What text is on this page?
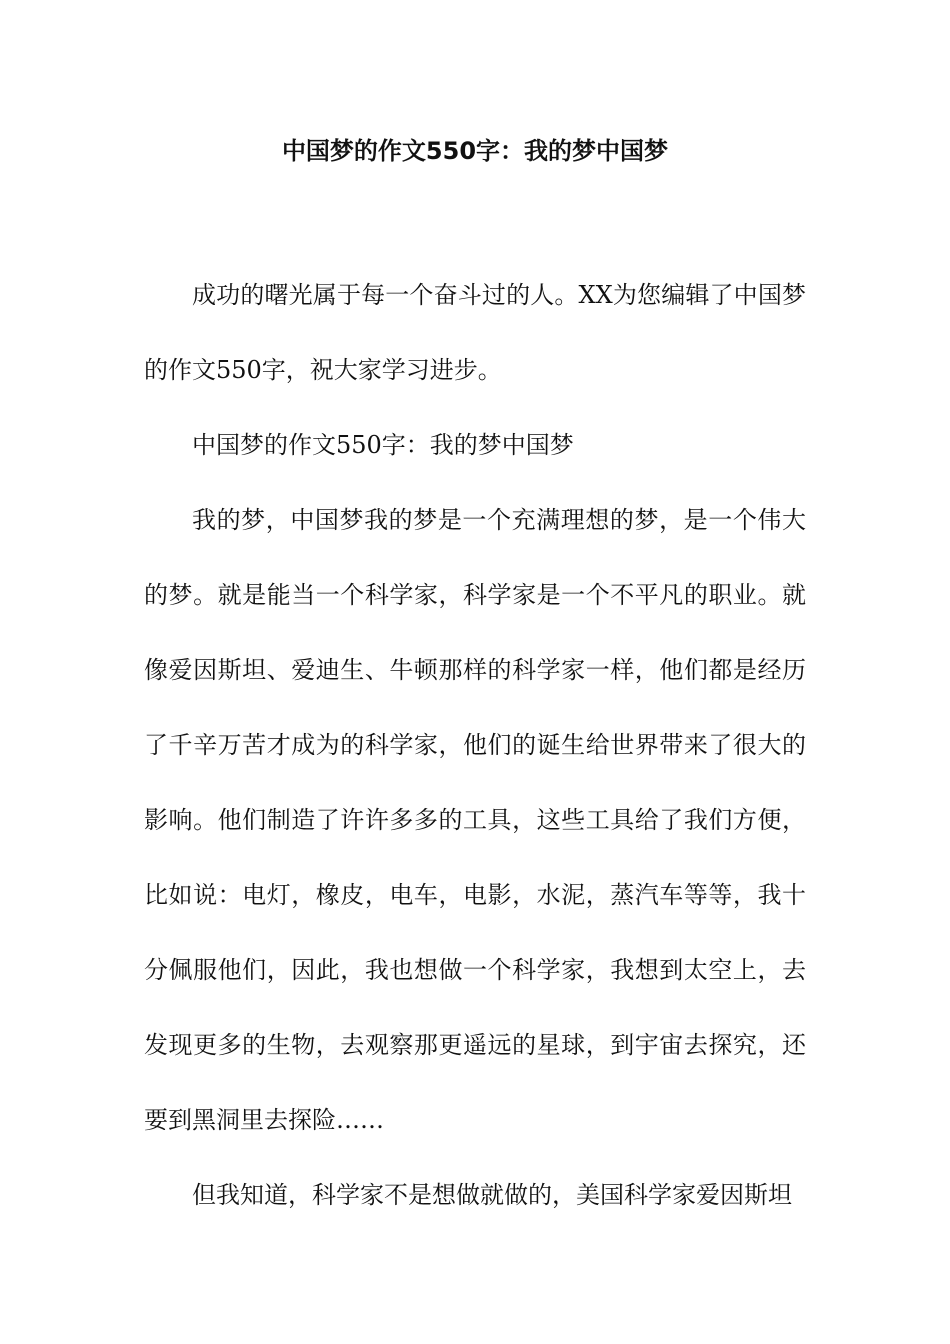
中国梦的作文550字：我的梦中国梦

成功的曙光属于每一个奋斗过的人。XX为您编辑了中国梦的作文550字，祝大家学习进步。

中国梦的作文550字：我的梦中国梦

我的梦，中国梦我的梦是一个充满理想的梦，是一个伟大的梦。就是能当一个科学家，科学家是一个不平凡的职业。就像爱因斯坦、爱迪生、牛顿那样的科学家一样，他们都是经历了千辛万苦才成为的科学家，他们的诞生给世界带来了很大的影响。他们制造了许许多多的工具，这些工具给了我们方便，比如说：电灯，橡皮，电车，电影，水泥，蒸汽车等等，我十分佩服他们，因此，我也想做一个科学家，我想到太空上，去发现更多的生物，去观察那更遥远的星球，到宇宙去探究，还要到黑洞里去探险……

但我知道，科学家不是想做就做的，美国科学家爱因斯坦
